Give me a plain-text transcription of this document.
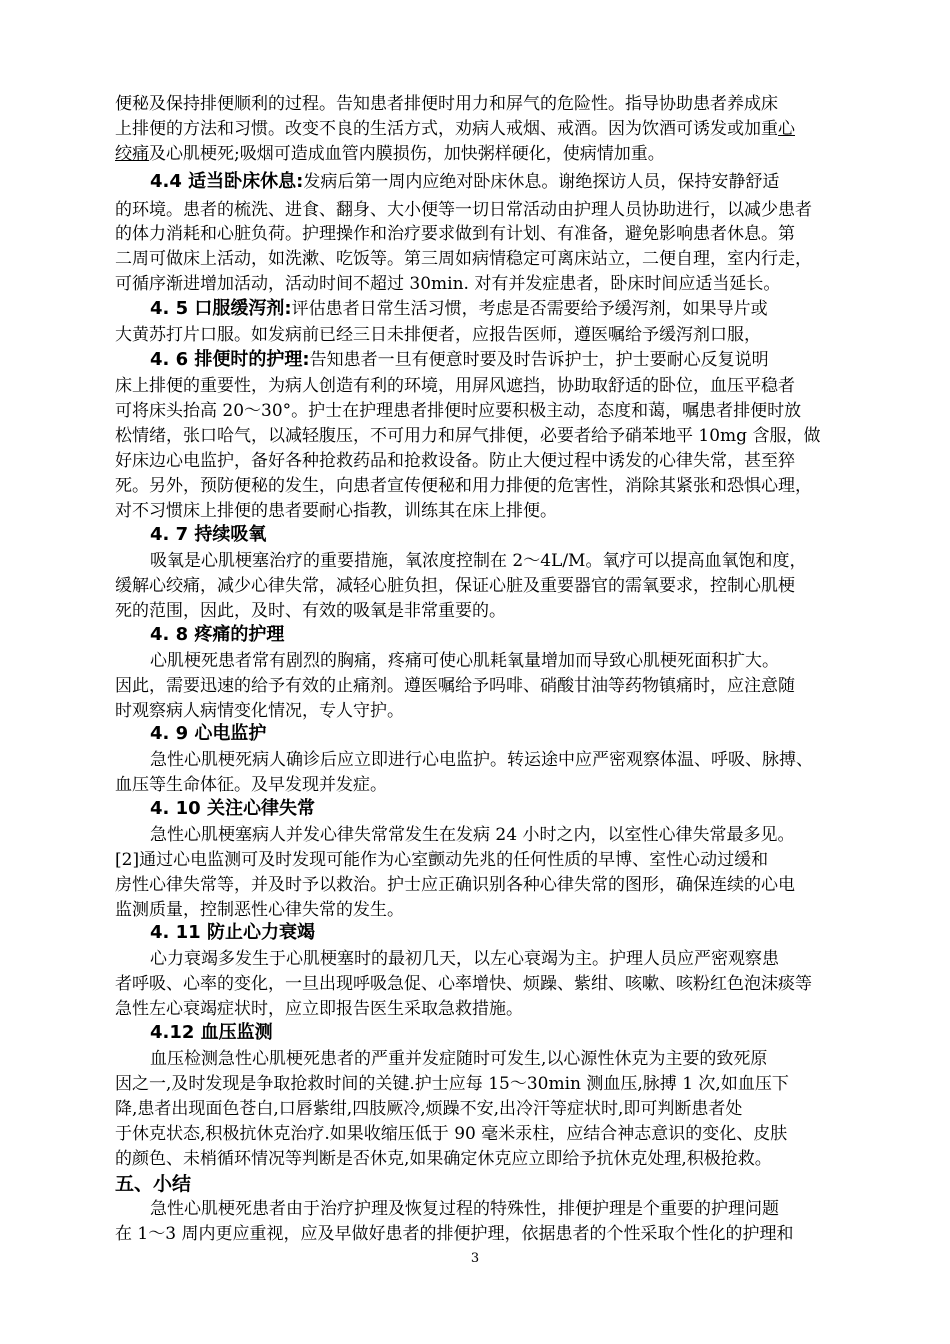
便秘及保持排便顺利的过程。告知患者排便时用力和屏气的危险性。指导协助患者养成床
上排便的方法和习惯。改变不良的生活方式，劝病人戒烟、戒酒。因为饮酒可诱发或加重心
绞痛及心肌梗死;吸烟可造成血管内膜损伤，加快粥样硬化，使病情加重。
4.4 适当卧床休息:发病后第一周内应绝对卧床休息。谢绝探访人员，保持安静舒适
的环境。患者的梳洗、进食、翻身、大小便等一切日常活动由护理人员协助进行，以减少患者
的体力消耗和心脏负荷。护理操作和治疗要求做到有计划、有准备，避免影响患者休息。第
二周可做床上活动，如洗漱、吃饭等。第三周如病情稳定可离床站立，二便自理，室内行走，
可循序渐进增加活动，活动时间不超过 30min. 对有并发症患者，卧床时间应适当延长。
4. 5 口服缓泻剂:评估患者日常生活习惯，考虑是否需要给予缓泻剂，如果导片或
大黄苏打片口服。如发病前已经三日未排便者，应报告医师，遵医嘱给予缓泻剂口服，
4. 6 排便时的护理:告知患者一旦有便意时要及时告诉护士，护士要耐心反复说明
床上排便的重要性，为病人创造有利的环境，用屏风遮挡，协助取舒适的卧位，血压平稳者
可将床头抬高 20～30°。护士在护理患者排便时应要积极主动，态度和蔼，嘱患者排便时放
松情绪，张口哈气，以减轻腹压，不可用力和屏气排便，必要者给予硝苯地平 10mg 含服，做
好床边心电监护，备好各种抢救药品和抢救设备。防止大便过程中诱发的心律失常，甚至猝
死。另外，预防便秘的发生，向患者宣传便秘和用力排便的危害性，消除其紧张和恐惧心理，
对不习惯床上排便的患者要耐心指教，训练其在床上排便。
4. 7 持续吸氧
吸氧是心肌梗塞治疗的重要措施，氧浓度控制在 2～4L/M。氧疗可以提高血氧饱和度，
缓解心绞痛，减少心律失常，减轻心脏负担，保证心脏及重要器官的需氧要求，控制心肌梗
死的范围，因此，及时、有效的吸氧是非常重要的。
4. 8 疼痛的护理
心肌梗死患者常有剧烈的胸痛，疼痛可使心肌耗氧量增加而导致心肌梗死面积扩大。
因此，需要迅速的给予有效的止痛剂。遵医嘱给予吗啡、硝酸甘油等药物镇痛时，应注意随
时观察病人病情变化情况，专人守护。
4. 9 心电监护
急性心肌梗死病人确诊后应立即进行心电监护。转运途中应严密观察体温、呼吸、脉搏、
血压等生命体征。及早发现并发症。
4. 10 关注心律失常
急性心肌梗塞病人并发心律失常常发生在发病 24 小时之内，以室性心律失常最多见。
[2]通过心电监测可及时发现可能作为心室颤动先兆的任何性质的早博、室性心动过缓和
房性心律失常等，并及时予以救治。护士应正确识别各种心律失常的图形，确保连续的心电
监测质量，控制恶性心律失常的发生。
4. 11 防止心力衰竭
心力衰竭多发生于心肌梗塞时的最初几天，以左心衰竭为主。护理人员应严密观察患
者呼吸、心率的变化，一旦出现呼吸急促、心率增快、烦躁、紫绀、咳嗽、咳粉红色泡沫痰等
急性左心衰竭症状时，应立即报告医生采取急救措施。
4.12 血压监测
血压检测急性心肌梗死患者的严重并发症随时可发生,以心源性休克为主要的致死原
因之一,及时发现是争取抢救时间的关键.护士应每 15～30min 测血压,脉搏 1 次,如血压下
降,患者出现面色苍白,口唇紫绀,四肢厥冷,烦躁不安,出冷汗等症状时,即可判断患者处
于休克状态,积极抗休克治疗.如果收缩压低于 90 毫米汞柱，应结合神志意识的变化、皮肤
的颜色、未梢循环情况等判断是否休克,如果确定休克应立即给予抗休克处理,积极抢救。
五、小结
急性心肌梗死患者由于治疗护理及恢复过程的特殊性，排便护理是个重要的护理问题
在 1～3 周内更应重视，应及早做好患者的排便护理，依据患者的个性采取个性化的护理和
3
